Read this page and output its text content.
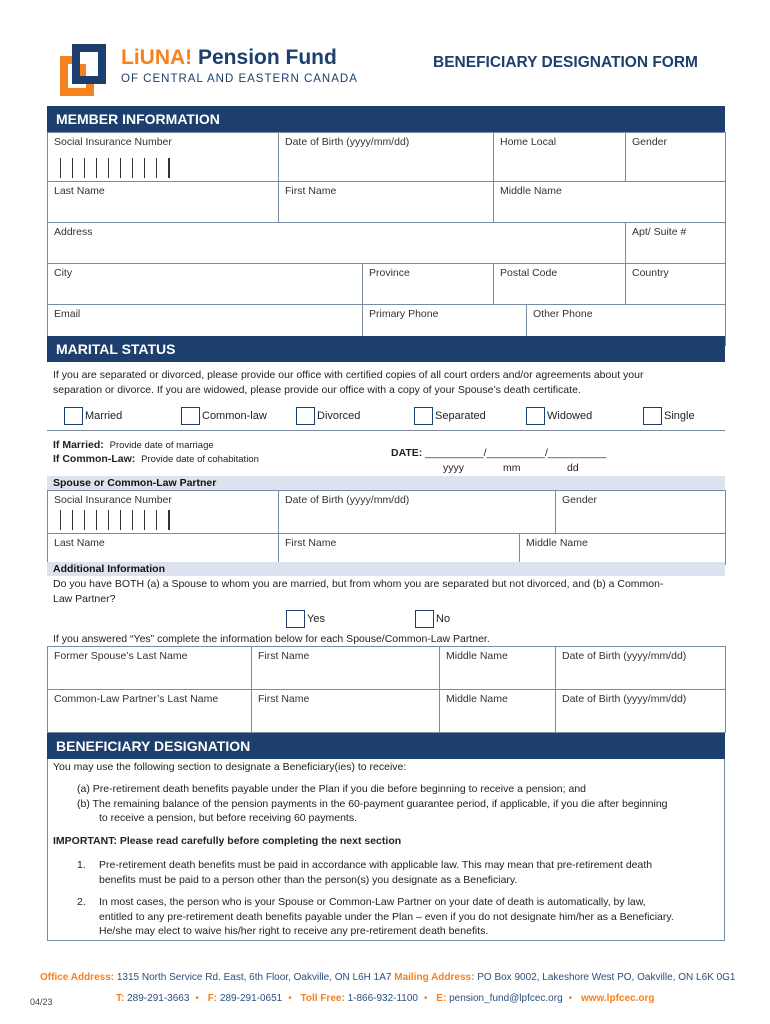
LiUNA! Pension Fund
OF CENTRAL AND EASTERN CANADA
BENEFICIARY DESIGNATION FORM
MEMBER INFORMATION
Social Insurance Number	Date of Birth (yyyy/mm/dd)		Home Local		Gender
Last Name	First Name		Middle Name		
Address					Apt/ Suite #
City		Province	Postal Code		Country
Email		Primary Phone		Other Phone	
MARITAL STATUS
If you are separated or divorced, please provide our office with certified copies of all court orders and/or agreements about your
separation or divorce. If you are widowed, please provide our office with a copy of your Spouse’s death certificate.
Married	Common-law	Divorced	Separated	Widowed	Single
If Married: Provide date of marriage
If Common-Law: Provide date of cohabitation
DATE: __________/__________/__________
yyyy	mm	dd
Spouse or Common-Law Partner
Social Insurance Number	Date of Birth (yyyy/mm/dd)		Gender
Last Name	First Name	Middle Name	
Additional Information
Do you have BOTH (a) a Spouse to whom you are married, but from whom you are separated but not divorced, and (b) a Common-
Law Partner?
Yes	No
If you answered “Yes” complete the information below for each Spouse/Common-Law Partner.
Former Spouse’s Last Name	First Name	Middle Name	Date of Birth (yyyy/mm/dd)
Common-Law Partner’s Last Name	First Name	Middle Name	Date of Birth (yyyy/mm/dd)
BENEFICIARY DESIGNATION
You may use the following section to designate a Beneficiary(ies) to receive:
(a) Pre-retirement death benefits payable under the Plan if you die before beginning to receive a pension; and
(b) The remaining balance of the pension payments in the 60-payment guarantee period, if applicable, if you die after beginning
to receive a pension, but before receiving 60 payments.
IMPORTANT: Please read carefully before completing the next section
1. Pre-retirement death benefits must be paid in accordance with applicable law. This may mean that pre-retirement death
benefits must be paid to a person other than the person(s) you designate as a Beneficiary.
2. In most cases, the person who is your Spouse or Common-Law Partner on your date of death is automatically, by law,
entitled to any pre-retirement death benefits payable under the Plan – even if you do not designate him/her as a Beneficiary.
He/she may elect to waive his/her right to receive any pre-retirement death benefits.
Office Address: 1315 North Service Rd. East, 6th Floor, Oakville, ON L6H 1A7 Mailing Address: PO Box 9002, Lakeshore West PO, Oakville, ON L6K 0G1
T: 289-291-3663 • F: 289-291-0651 • Toll Free: 1-866-932-1100 • E: pension_fund@lpfcec.org • www.lpfcec.org
04/23
